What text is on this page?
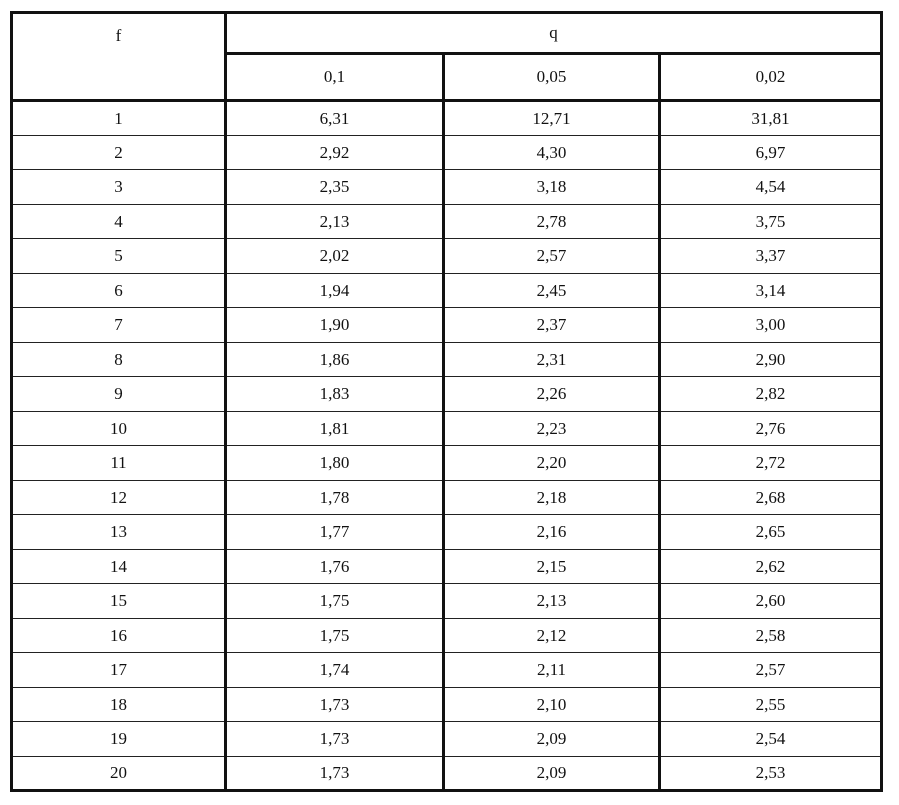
f	q		
	0,1	0,05	0,02
1	6,31	12,71	31,81
2	2,92	4,30	6,97
3	2,35	3,18	4,54
4	2,13	2,78	3,75
5	2,02	2,57	3,37
6	1,94	2,45	3,14
7	1,90	2,37	3,00
8	1,86	2,31	2,90
9	1,83	2,26	2,82
10	1,81	2,23	2,76
11	1,80	2,20	2,72
12	1,78	2,18	2,68
13	1,77	2,16	2,65
14	1,76	2,15	2,62
15	1,75	2,13	2,60
16	1,75	2,12	2,58
17	1,74	2,11	2,57
18	1,73	2,10	2,55
19	1,73	2,09	2,54
20	1,73	2,09	2,53
